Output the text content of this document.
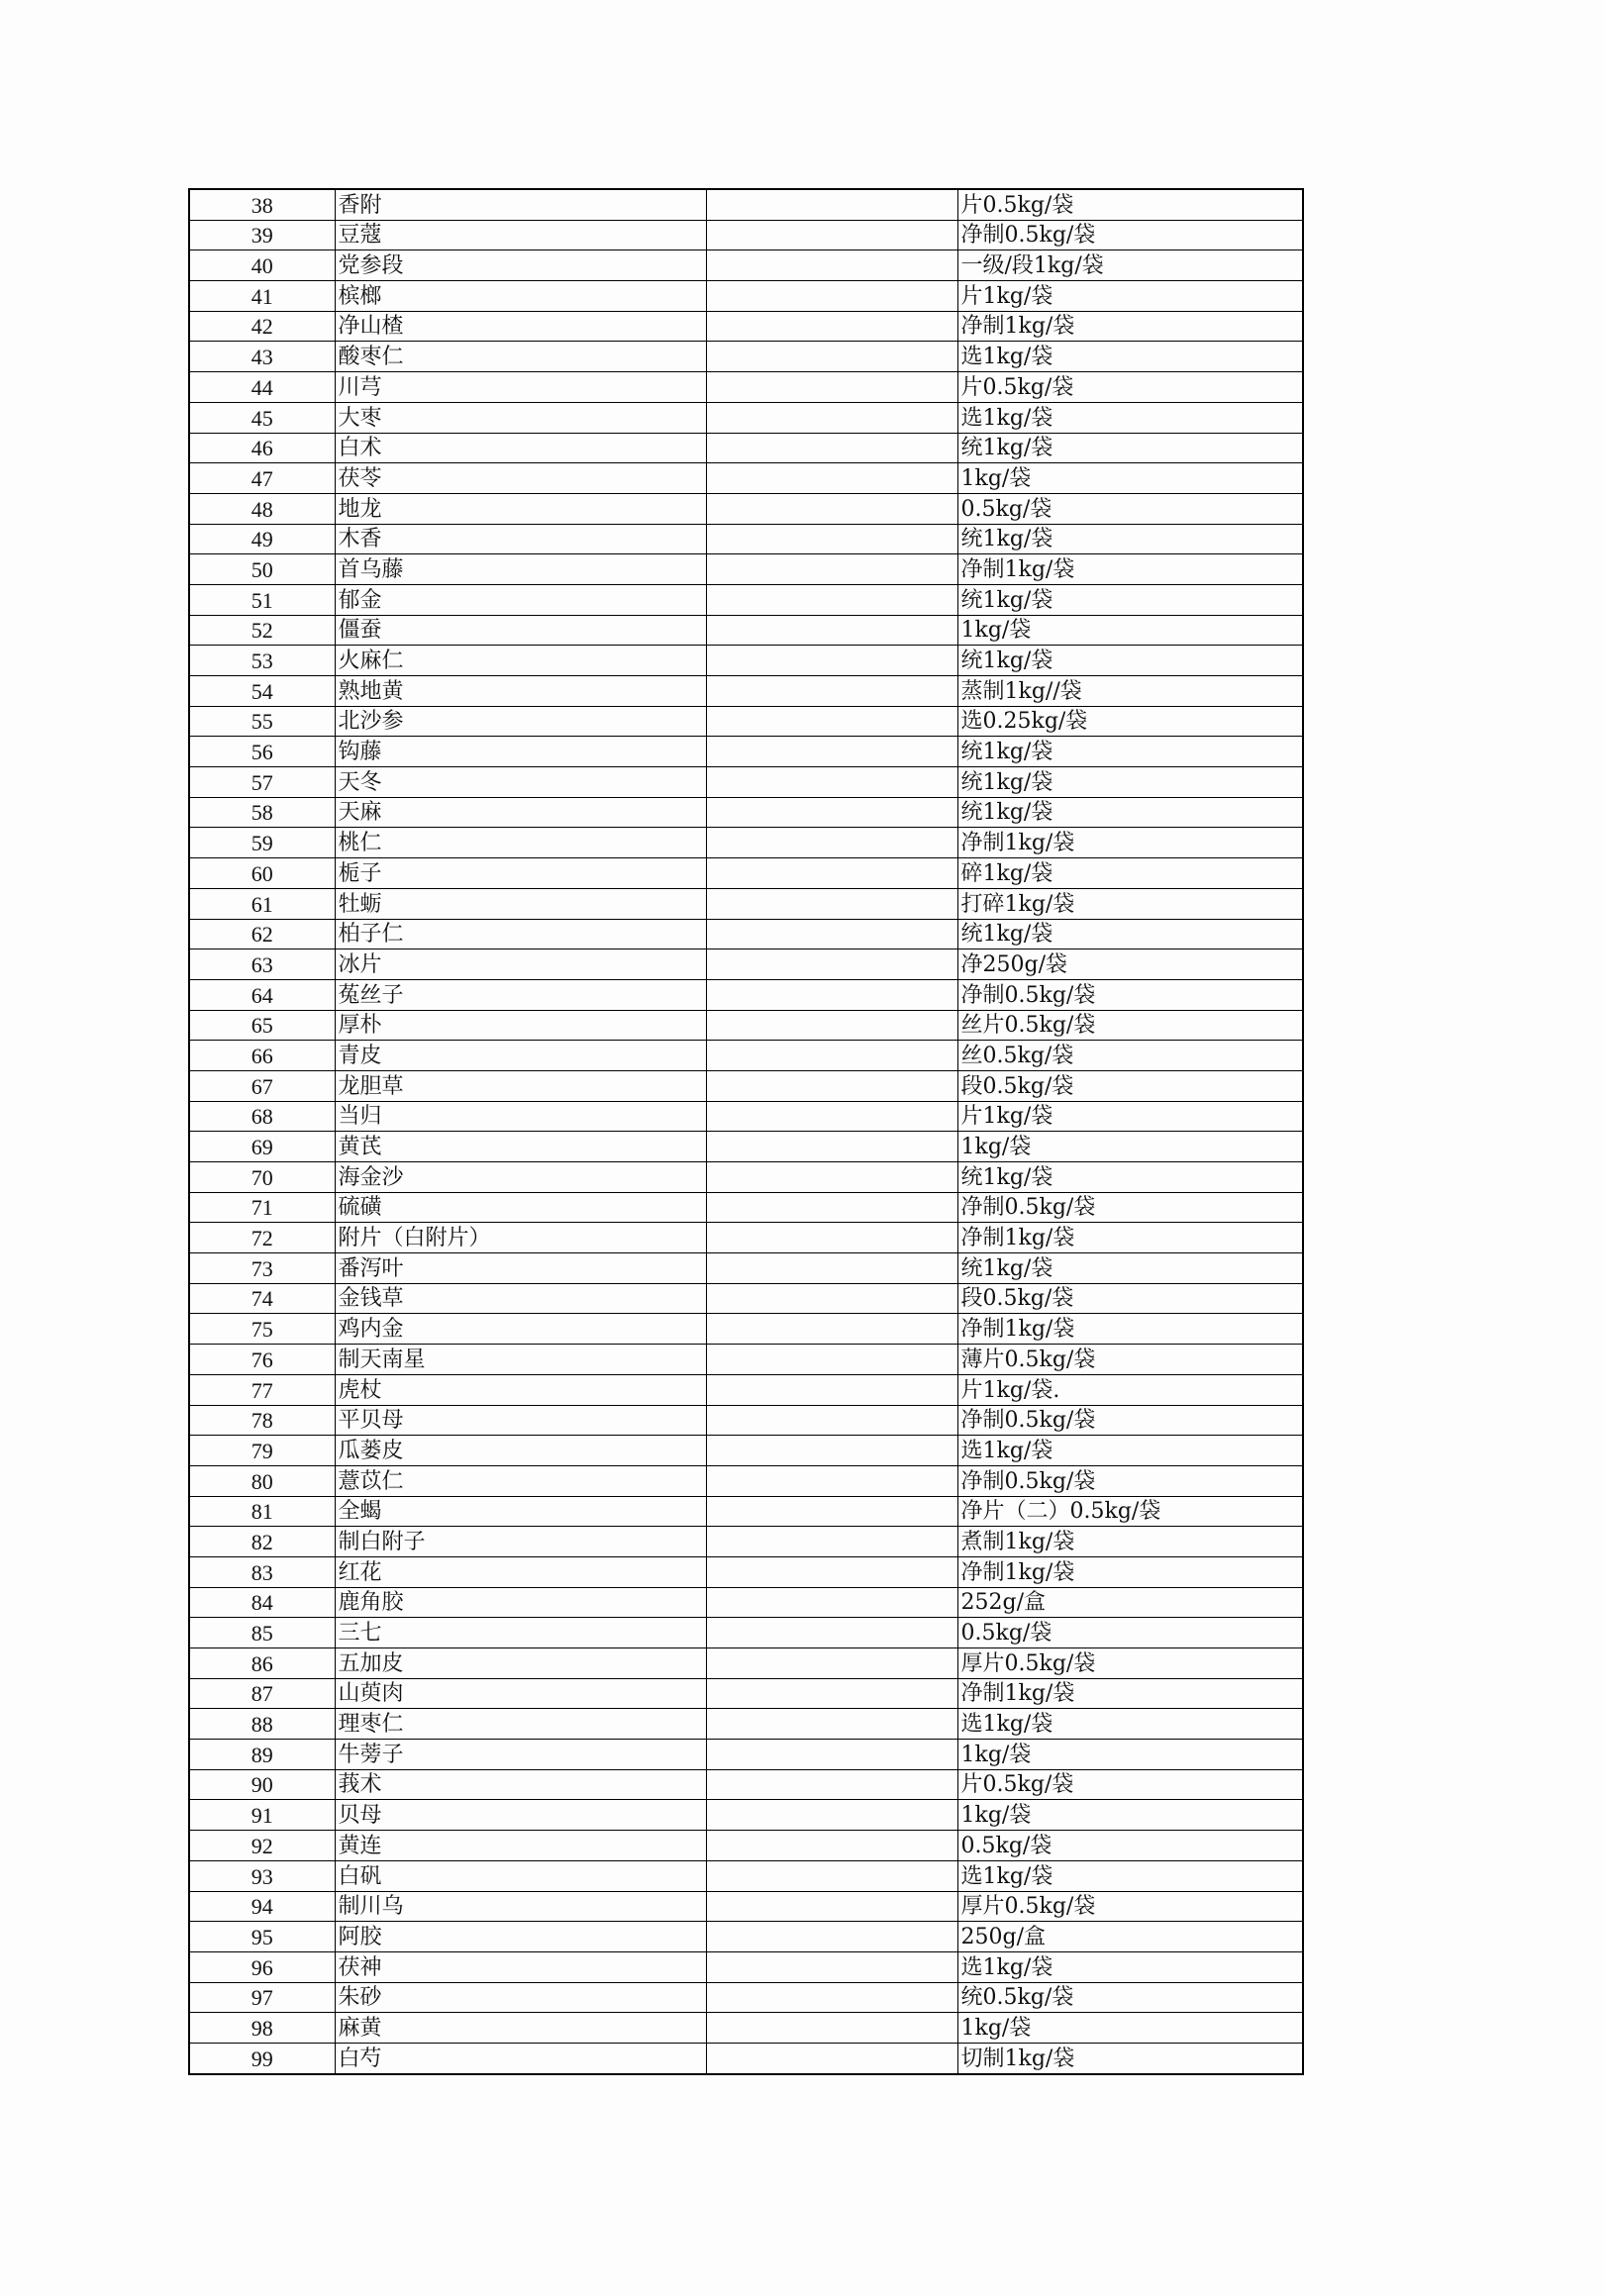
38	香附		片0.5kg/袋
39	豆蔻		净制0.5kg/袋
40	党参段		一级/段1kg/袋
41	槟榔		片1kg/袋
42	净山楂		净制1kg/袋
43	酸枣仁		选1kg/袋
44	川芎		片0.5kg/袋
45	大枣		选1kg/袋
46	白术		统1kg/袋
47	茯苓		1kg/袋
48	地龙		0.5kg/袋
49	木香		统1kg/袋
50	首乌藤		净制1kg/袋
51	郁金		统1kg/袋
52	僵蚕		1kg/袋
53	火麻仁		统1kg/袋
54	熟地黄		蒸制1kg//袋
55	北沙参		选0.25kg/袋
56	钩藤		统1kg/袋
57	天冬		统1kg/袋
58	天麻		统1kg/袋
59	桃仁		净制1kg/袋
60	栀子		碎1kg/袋
61	牡蛎		打碎1kg/袋
62	柏子仁		统1kg/袋
63	冰片		净250g/袋
64	菟丝子		净制0.5kg/袋
65	厚朴		丝片0.5kg/袋
66	青皮		丝0.5kg/袋
67	龙胆草		段0.5kg/袋
68	当归		片1kg/袋
69	黄芪		1kg/袋
70	海金沙		统1kg/袋
71	硫磺		净制0.5kg/袋
72	附片（白附片）		净制1kg/袋
73	番泻叶		统1kg/袋
74	金钱草		段0.5kg/袋
75	鸡内金		净制1kg/袋
76	制天南星		薄片0.5kg/袋
77	虎杖		片1kg/袋.
78	平贝母		净制0.5kg/袋
79	瓜蒌皮		选1kg/袋
80	薏苡仁		净制0.5kg/袋
81	全蝎		净片（二）0.5kg/袋
82	制白附子		煮制1kg/袋
83	红花		净制1kg/袋
84	鹿角胶		252g/盒
85	三七		0.5kg/袋
86	五加皮		厚片0.5kg/袋
87	山萸肉		净制1kg/袋
88	理枣仁		选1kg/袋
89	牛蒡子		1kg/袋
90	莪术		片0.5kg/袋
91	贝母		1kg/袋
92	黄连		0.5kg/袋
93	白矾		选1kg/袋
94	制川乌		厚片0.5kg/袋
95	阿胶		250g/盒
96	茯神		选1kg/袋
97	朱砂		统0.5kg/袋
98	麻黄		1kg/袋
99	白芍		切制1kg/袋
